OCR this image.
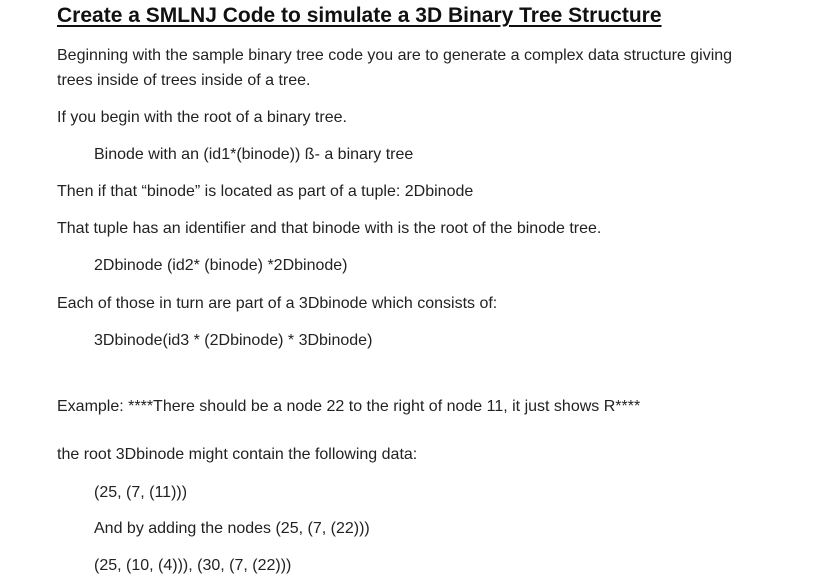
Create a SMLNJ Code to simulate a 3D Binary Tree Structure
Beginning with the sample binary tree code you are to generate a complex data structure giving
trees inside of trees inside of a tree.
If you begin with the root of a binary tree.
Binode with an (id1*(binode)) ß- a binary tree
Then if that “binode” is located as part of a tuple: 2Dbinode
That tuple has an identifier and that binode with is the root of the binode tree.
2Dbinode (id2* (binode) *2Dbinode)
Each of those in turn are part of a 3Dbinode which consists of:
3Dbinode(id3 * (2Dbinode) * 3Dbinode)
Example: ****There should be a node 22 to the right of node 11, it just shows R****
the root 3Dbinode might contain the following data:
(25, (7, (11)))
And by adding the nodes (25, (7, (22)))
(25, (10, (4))), (30, (7, (22)))
